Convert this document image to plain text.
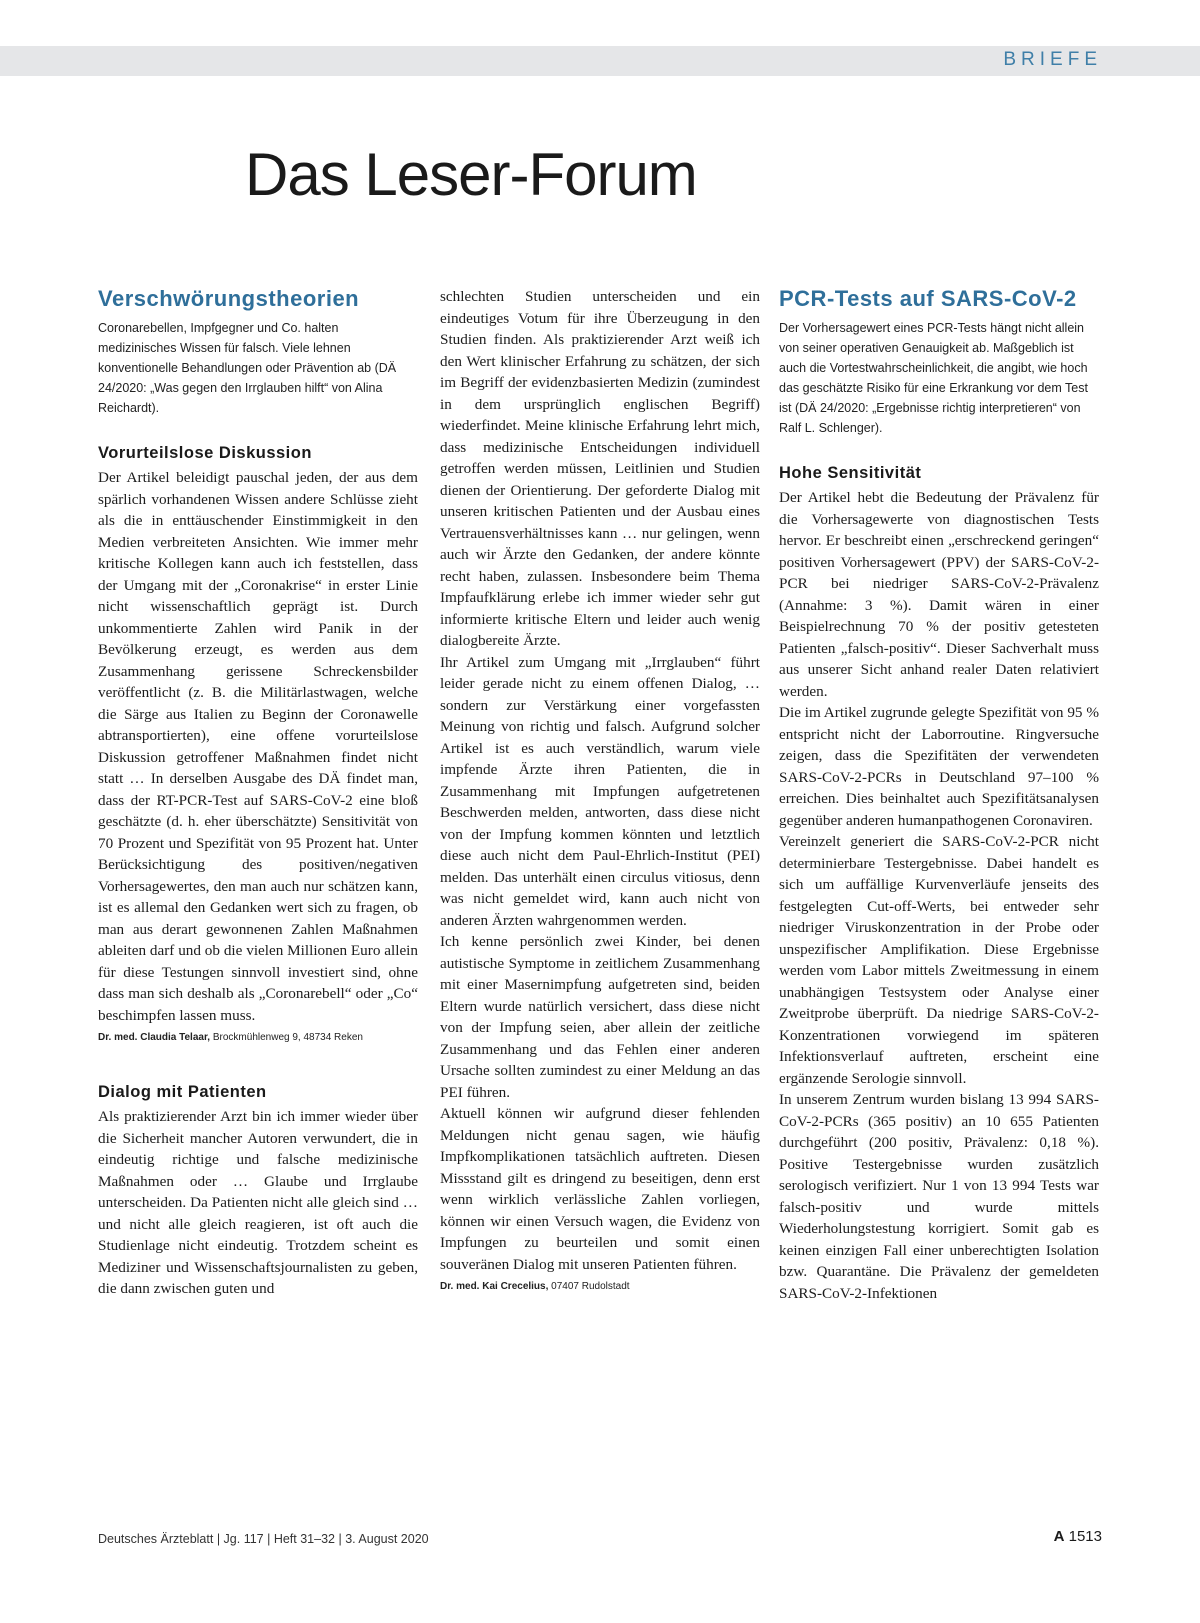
BRIEFE
Das Leser-Forum
Verschwörungstheorien

Coronarebellen, Impfgegner und Co. halten medizinisches Wissen für falsch. Viele lehnen konventionelle Behandlungen oder Prävention ab (DÄ 24/2020: „Was gegen den Irrglauben hilft“ von Alina Reichardt).

Vorurteilslose Diskussion

Der Artikel beleidigt pauschal jeden, der aus dem spärlich vorhandenen Wissen andere Schlüsse zieht als die in enttäuschender Einstimmigkeit in den Medien verbreiteten Ansichten. Wie immer mehr kritische Kollegen kann auch ich feststellen, dass der Umgang mit der „Coronakrise“ in erster Linie nicht wissenschaftlich geprägt ist. Durch unkommentierte Zahlen wird Panik in der Bevölkerung erzeugt, es werden aus dem Zusammenhang gerissene Schreckensbilder veröffentlicht (z. B. die Militärlastwagen, welche die Särge aus Italien zu Beginn der Coronawelle abtransportierten), eine offene vorurteilslose Diskussion getroffener Maßnahmen findet nicht statt … In derselben Ausgabe des DÄ findet man, dass der RT-PCR-Test auf SARS-CoV-2 eine bloß geschätzte (d. h. eher überschätzte) Sensitivität von 70 Prozent und Spezifität von 95 Prozent hat. Unter Berücksichtigung des positiven/negativen Vorhersagewertes, den man auch nur schätzen kann, ist es allemal den Gedanken wert sich zu fragen, ob man aus derart gewonnenen Zahlen Maßnahmen ableiten darf und ob die vielen Millionen Euro allein für diese Testungen sinnvoll investiert sind, ohne dass man sich deshalb als „Coronarebell“ oder „Co“ beschimpfen lassen muss.

Dr. med. Claudia Telaar, Brockmühlenweg 9, 48734 Reken

Dialog mit Patienten

Als praktizierender Arzt bin ich immer wieder über die Sicherheit mancher Autoren verwundert, die in eindeutig richtige und falsche medizinische Maßnahmen oder … Glaube und Irrglaube unterscheiden. Da Patienten nicht alle gleich sind … und nicht alle gleich reagieren, ist oft auch die Studienlage nicht eindeutig. Trotzdem scheint es Mediziner und Wissenschaftsjournalisten zu geben, die dann zwischen guten und

schlechten Studien unterscheiden und ein eindeutiges Votum für ihre Überzeugung in den Studien finden. Als praktizierender Arzt weiß ich den Wert klinischer Erfahrung zu schätzen, der sich im Begriff der evidenzbasierten Medizin (zumindest in dem ursprünglich englischen Begriff) wiederfindet. Meine klinische Erfahrung lehrt mich, dass medizinische Entscheidungen individuell getroffen werden müssen, Leitlinien und Studien dienen der Orientierung. Der geforderte Dialog mit unseren kritischen Patienten und der Ausbau eines Vertrauensverhältnisses kann … nur gelingen, wenn auch wir Ärzte den Gedanken, der andere könnte recht haben, zulassen. Insbesondere beim Thema Impfaufklärung erlebe ich immer wieder sehr gut informierte kritische Eltern und leider auch wenig dialogbereite Ärzte.

Ihr Artikel zum Umgang mit „Irrglauben“ führt leider gerade nicht zu einem offenen Dialog, … sondern zur Verstärkung einer vorgefassten Meinung von richtig und falsch. Aufgrund solcher Artikel ist es auch verständlich, warum viele impfende Ärzte ihren Patienten, die in Zusammenhang mit Impfungen aufgetretenen Beschwerden melden, antworten, dass diese nicht von der Impfung kommen könnten und letztlich diese auch nicht dem Paul-Ehrlich-Institut (PEI) melden. Das unterhält einen circulus vitiosus, denn was nicht gemeldet wird, kann auch nicht von anderen Ärzten wahrgenommen werden.

Ich kenne persönlich zwei Kinder, bei denen autistische Symptome in zeitlichem Zusammenhang mit einer Masernimpfung aufgetreten sind, beiden Eltern wurde natürlich versichert, dass diese nicht von der Impfung seien, aber allein der zeitliche Zusammenhang und das Fehlen einer anderen Ursache sollten zumindest zu einer Meldung an das PEI führen.

Aktuell können wir aufgrund dieser fehlenden Meldungen nicht genau sagen, wie häufig Impfkomplikationen tatsächlich auftreten. Diesen Missstand gilt es dringend zu beseitigen, denn erst wenn wirklich verlässliche Zahlen vorliegen, können wir einen Versuch wagen, die Evidenz von Impfungen zu beurteilen und somit einen souveränen Dialog mit unseren Patienten führen.

Dr. med. Kai Crecelius, 07407 Rudolstadt

PCR-Tests auf SARS-CoV-2

Der Vorhersagewert eines PCR-Tests hängt nicht allein von seiner operativen Genauigkeit ab. Maßgeblich ist auch die Vortestwahrscheinlichkeit, die angibt, wie hoch das geschätzte Risiko für eine Erkrankung vor dem Test ist (DÄ 24/2020: „Ergebnisse richtig interpretieren“ von Ralf L. Schlenger).

Hohe Sensitivität

Der Artikel hebt die Bedeutung der Prävalenz für die Vorhersagewerte von diagnostischen Tests hervor. Er beschreibt einen „erschreckend geringen“ positiven Vorhersagewert (PPV) der SARS-CoV-2-PCR bei niedriger SARS-CoV-2-Prävalenz (Annahme: 3 %). Damit wären in einer Beispielrechnung 70 % der positiv getesteten Patienten „falsch-positiv“. Dieser Sachverhalt muss aus unserer Sicht anhand realer Daten relativiert werden.

Die im Artikel zugrunde gelegte Spezifität von 95 % entspricht nicht der Laborroutine. Ringversuche zeigen, dass die Spezifitäten der verwendeten SARS-CoV-2-PCRs in Deutschland 97–100 % erreichen. Dies beinhaltet auch Spezifitätsanalysen gegenüber anderen humanpathogenen Coronaviren.

Vereinzelt generiert die SARS-CoV-2-PCR nicht determinierbare Testergebnisse. Dabei handelt es sich um auffällige Kurvenverläufe jenseits des festgelegten Cut-off-Werts, bei entweder sehr niedriger Viruskonzentration in der Probe oder unspezifischer Amplifikation. Diese Ergebnisse werden vom Labor mittels Zweitmessung in einem unabhängigen Testsystem oder Analyse einer Zweitprobe überprüft. Da niedrige SARS-CoV-2-Konzentrationen vorwiegend im späteren Infektionsverlauf auftreten, erscheint eine ergänzende Serologie sinnvoll.

In unserem Zentrum wurden bislang 13 994 SARS-CoV-2-PCRs (365 positiv) an 10 655 Patienten durchgeführt (200 positiv, Prävalenz: 0,18 %). Positive Testergebnisse wurden zusätzlich serologisch verifiziert. Nur 1 von 13 994 Tests war falsch-positiv und wurde mittels Wiederholungstestung korrigiert. Somit gab es keinen einzigen Fall einer unberechtigten Isolation bzw. Quarantäne. Die Prävalenz der gemeldeten SARS-CoV-2-Infektionen

Deutsches Ärzteblatt | Jg. 117 | Heft 31–32 | 3. August 2020	A 1513
